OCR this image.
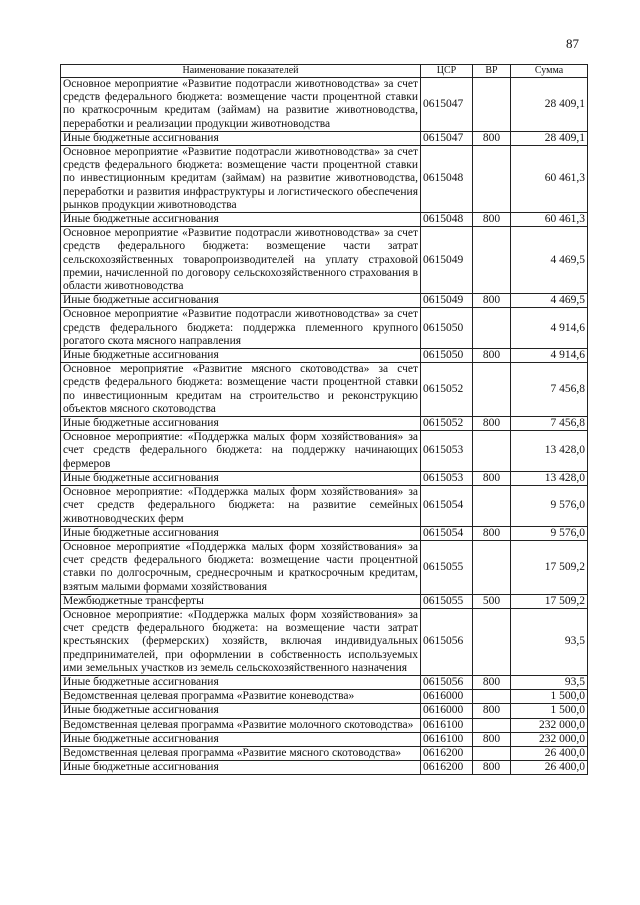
87
Наименование показателей	ЦСР	ВР	Сумма
Основное мероприятие «Развитие подотрасли животноводства» за счет средств федерального бюджета: возмещение части процентной ставки по краткосрочным кредитам (займам) на развитие животноводства, переработки и реализации продукции животноводства	0615047		28 409,1
Иные бюджетные ассигнования	0615047	800	28 409,1
Основное мероприятие «Развитие подотрасли животноводства» за счет средств федерального бюджета: возмещение части процентной ставки по инвестиционным кредитам (займам) на развитие животноводства, переработки и развития инфраструктуры и логистического обеспечения рынков продукции животноводства	0615048		60 461,3
Иные бюджетные ассигнования	0615048	800	60 461,3
Основное мероприятие «Развитие подотрасли животноводства» за счет средств федерального бюджета: возмещение части затрат сельскохозяйственных товаропроизводителей на уплату страховой премии, начисленной по договору сельскохозяйственного страхования в области животноводства	0615049		4 469,5
Иные бюджетные ассигнования	0615049	800	4 469,5
Основное мероприятие «Развитие подотрасли животноводства» за счет средств федерального бюджета: поддержка племенного крупного рогатого скота мясного направления	0615050		4 914,6
Иные бюджетные ассигнования	0615050	800	4 914,6
Основное мероприятие «Развитие мясного скотоводства» за счет средств федерального бюджета: возмещение части процентной ставки по инвестиционным кредитам на строительство и реконструкцию объектов мясного скотоводства	0615052		7 456,8
Иные бюджетные ассигнования	0615052	800	7 456,8
Основное мероприятие: «Поддержка малых форм хозяйствования» за счет средств федерального бюджета: на поддержку начинающих фермеров	0615053		13 428,0
Иные бюджетные ассигнования	0615053	800	13 428,0
Основное мероприятие: «Поддержка малых форм хозяйствования» за счет средств федерального бюджета: на развитие семейных животноводческих ферм	0615054		9 576,0
Иные бюджетные ассигнования	0615054	800	9 576,0
Основное мероприятие «Поддержка малых форм хозяйствования» за счет средств федерального бюджета: возмещение части процентной ставки по долгосрочным, среднесрочным и краткосрочным кредитам, взятым малыми формами хозяйствования	0615055		17 509,2
Межбюджетные трансферты	0615055	500	17 509,2
Основное мероприятие: «Поддержка малых форм хозяйствования» за счет средств федерального бюджета: на возмещение части затрат крестьянских (фермерских) хозяйств, включая индивидуальных предпринимателей, при оформлении в собственность используемых ими земельных участков из земель сельскохозяйственного назначения	0615056		93,5
Иные бюджетные ассигнования	0615056	800	93,5
Ведомственная целевая программа «Развитие коневодства»	0616000		1 500,0
Иные бюджетные ассигнования	0616000	800	1 500,0
Ведомственная целевая программа «Развитие молочного скотоводства»	0616100		232 000,0
Иные бюджетные ассигнования	0616100	800	232 000,0
Ведомственная целевая программа «Развитие мясного скотоводства»	0616200		26 400,0
Иные бюджетные ассигнования	0616200	800	26 400,0
